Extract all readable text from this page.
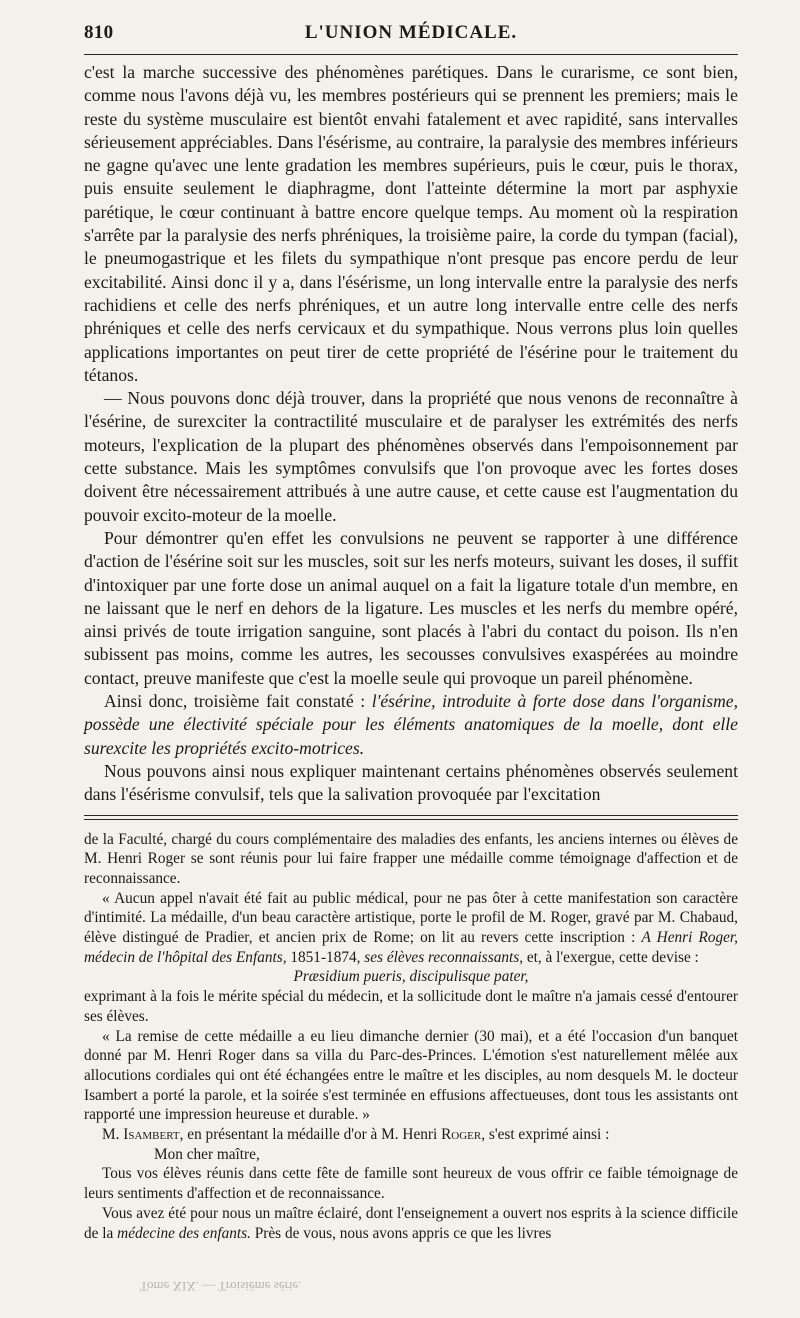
810	L'UNION MÉDICALE.

c'est la marche successive des phénomènes parétiques. Dans le curarisme, ce sont bien, comme nous l'avons déjà vu, les membres postérieurs qui se prennent les premiers; mais le reste du système musculaire est bientôt envahi fatalement et avec rapidité, sans intervalles sérieusement appréciables. Dans l'ésérisme, au contraire, la paralysie des membres inférieurs ne gagne qu'avec une lente gradation les membres supérieurs, puis le cœur, puis le thorax, puis ensuite seulement le diaphragme, dont l'atteinte détermine la mort par asphyxie parétique, le cœur continuant à battre encore quelque temps. Au moment où la respiration s'arrête par la paralysie des nerfs phréniques, la troisième paire, la corde du tympan (facial), le pneumogastrique et les filets du sympathique n'ont presque pas encore perdu de leur excitabilité. Ainsi donc il y a, dans l'ésérisme, un long intervalle entre la paralysie des nerfs rachidiens et celle des nerfs phréniques, et un autre long intervalle entre celle des nerfs phréniques et celle des nerfs cervicaux et du sympathique. Nous verrons plus loin quelles applications importantes on peut tirer de cette propriété de l'ésérine pour le traitement du tétanos.

— Nous pouvons donc déjà trouver, dans la propriété que nous venons de reconnaître à l'ésérine, de surexciter la contractilité musculaire et de paralyser les extrémités des nerfs moteurs, l'explication de la plupart des phénomènes observés dans l'empoisonnement par cette substance. Mais les symptômes convulsifs que l'on provoque avec les fortes doses doivent être nécessairement attribués à une autre cause, et cette cause est l'augmentation du pouvoir excito-moteur de la moelle.

Pour démontrer qu'en effet les convulsions ne peuvent se rapporter à une différence d'action de l'ésérine soit sur les muscles, soit sur les nerfs moteurs, suivant les doses, il suffit d'intoxiquer par une forte dose un animal auquel on a fait la ligature totale d'un membre, en ne laissant que le nerf en dehors de la ligature. Les muscles et les nerfs du membre opéré, ainsi privés de toute irrigation sanguine, sont placés à l'abri du contact du poison. Ils n'en subissent pas moins, comme les autres, les secousses convulsives exaspérées au moindre contact, preuve manifeste que c'est la moelle seule qui provoque un pareil phénomène.

Ainsi donc, troisième fait constaté : l'ésérine, introduite à forte dose dans l'organisme, possède une électivité spéciale pour les éléments anatomiques de la moelle, dont elle surexcite les propriétés excito-motrices.

Nous pouvons ainsi nous expliquer maintenant certains phénomènes observés seulement dans l'ésérisme convulsif, tels que la salivation provoquée par l'excitation

de la Faculté, chargé du cours complémentaire des maladies des enfants, les anciens internes ou élèves de M. Henri Roger se sont réunis pour lui faire frapper une médaille comme témoignage d'affection et de reconnaissance.

« Aucun appel n'avait été fait au public médical, pour ne pas ôter à cette manifestation son caractère d'intimité. La médaille, d'un beau caractère artistique, porte le profil de M. Roger, gravé par M. Chabaud, élève distingué de Pradier, et ancien prix de Rome; on lit au revers cette inscription : A Henri Roger, médecin de l'hôpital des Enfants, 1851-1874, ses élèves reconnaissants, et, à l'exergue, cette devise :

Præsidium pueris, discipulisque pater,

exprimant à la fois le mérite spécial du médecin, et la sollicitude dont le maître n'a jamais cessé d'entourer ses élèves.

« La remise de cette médaille a eu lieu dimanche dernier (30 mai), et a été l'occasion d'un banquet donné par M. Henri Roger dans sa villa du Parc-des-Princes. L'émotion s'est naturellement mêlée aux allocutions cordiales qui ont été échangées entre le maître et les disciples, au nom desquels M. le docteur Isambert a porté la parole, et la soirée s'est terminée en effusions affectueuses, dont tous les assistants ont rapporté une impression heureuse et durable. »

M. Isambert, en présentant la médaille d'or à M. Henri Roger, s'est exprimé ainsi :

Mon cher maître,

Tous vos élèves réunis dans cette fête de famille sont heureux de vous offrir ce faible témoignage de leurs sentiments d'affection et de reconnaissance.

Vous avez été pour nous un maître éclairé, dont l'enseignement a ouvert nos esprits à la science difficile de la médecine des enfants. Près de vous, nous avons appris ce que les livres

Tome XIX. — Troisième série.
